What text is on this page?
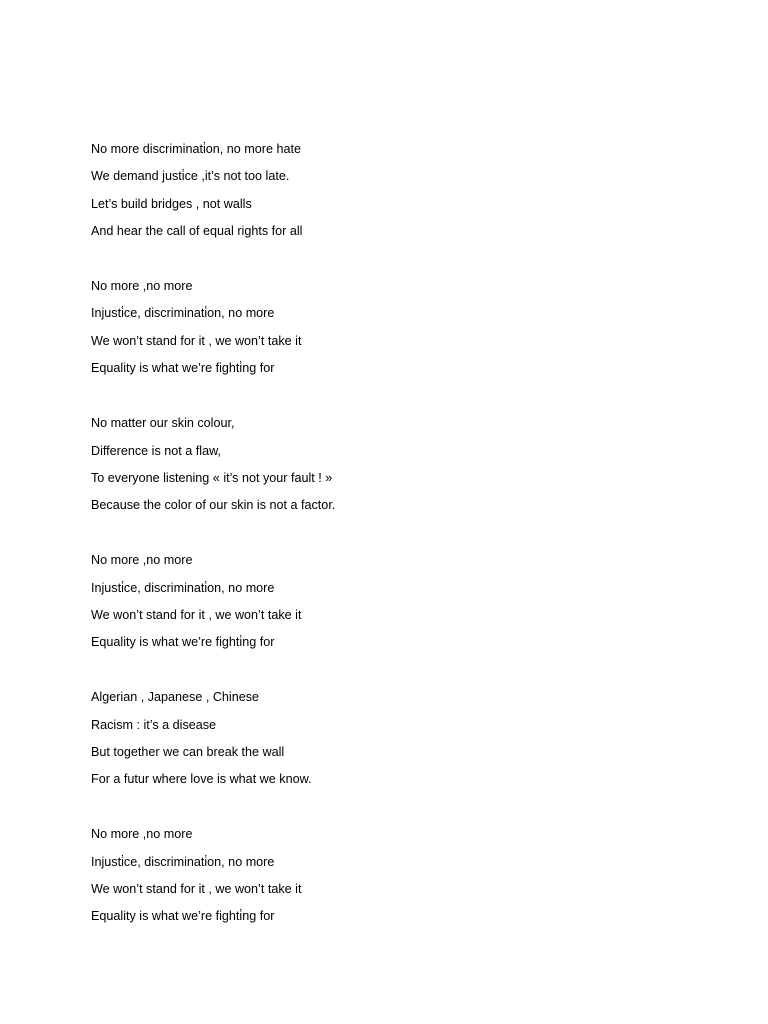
No more discriminati̇on, no more hate
We demand justi̇ce ,it’s not too late.
Let’s build bridges , not walls
And hear the call of equal rights for all
No more ,no more
Injusti̇ce, discriminati̇on, no more
We won’t stand for it , we won’t take it
Equality is what we’re fighti̇ng for
No matter our skin colour,
Difference is not a flaw,
To everyone listening « it’s not your fault ! »
Because the color of our skin is not a factor.
No more ,no more
Injusti̇ce, discriminati̇on, no more
We won’t stand for it , we won’t take it
Equality is what we’re fighti̇ng for
Algerian , Japanese , Chinese
Racism : it’s a disease
But together we can break the wall
For a futur where love is what we know.
No more ,no more
Injusti̇ce, discriminati̇on, no more
We won’t stand for it , we won’t take it
Equality is what we’re fighti̇ng for
